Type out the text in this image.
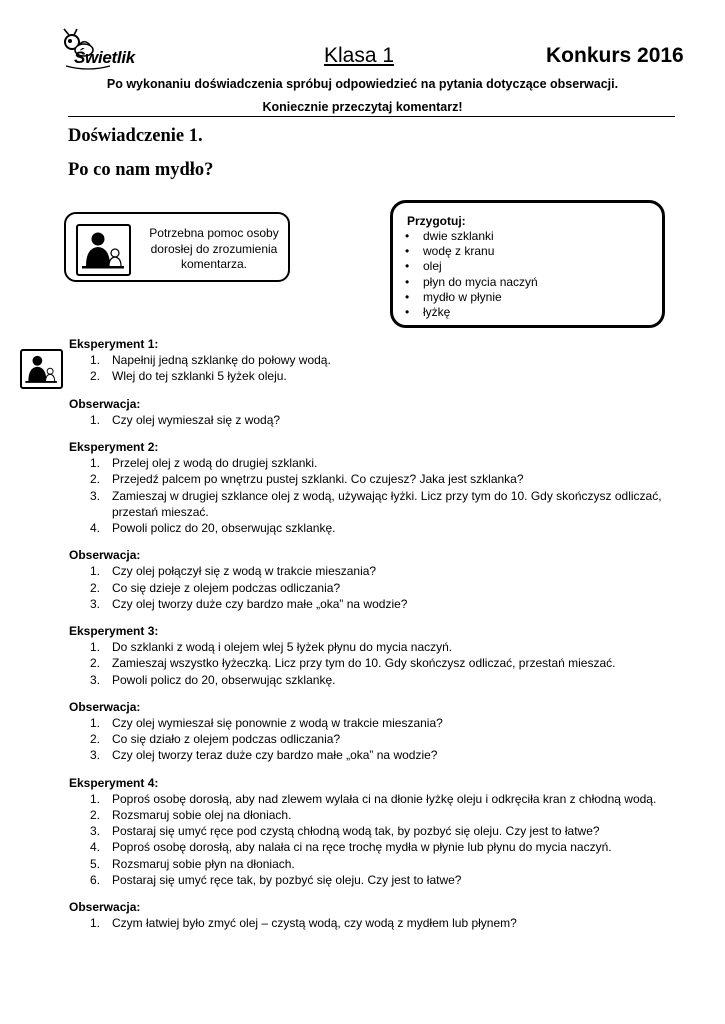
Świetlik	Klasa 1	Konkurs 2016
Po wykonaniu doświadczenia spróbuj odpowiedzieć na pytania dotyczące obserwacji.
Koniecznie przeczytaj komentarz!
Doświadczenie 1.
Po co nam mydło?
Potrzebna pomoc osoby dorosłej do zrozumienia komentarza.
Przygotuj:
• dwie szklanki
• wodę z kranu
• olej
• płyn do mycia naczyń
• mydło w płynie
• łyżkę
Eksperyment 1:
1. Napełnij jedną szklankę do połowy wodą.
2. Wlej do tej szklanki 5 łyżek oleju.
Obserwacja:
1. Czy olej wymieszał się z wodą?
Eksperyment 2:
1. Przelej olej z wodą do drugiej szklanki.
2. Przejedź palcem po wnętrzu pustej szklanki. Co czujesz? Jaka jest szklanka?
3. Zamieszaj w drugiej szklance olej z wodą, używając łyżki. Licz przy tym do 10. Gdy skończysz odliczać, przestań mieszać.
4. Powoli policz do 20, obserwując szklankę.
Obserwacja:
1. Czy olej połączył się z wodą w trakcie mieszania?
2. Co się dzieje z olejem podczas odliczania?
3. Czy olej tworzy duże czy bardzo małe „oka” na wodzie?
Eksperyment 3:
1. Do szklanki z wodą i olejem wlej 5 łyżek płynu do mycia naczyń.
2. Zamieszaj wszystko łyżeczką. Licz przy tym do 10. Gdy skończysz odliczać, przestań mieszać.
3. Powoli policz do 20, obserwując szklankę.
Obserwacja:
1. Czy olej wymieszał się ponownie z wodą w trakcie mieszania?
2. Co się działo z olejem podczas odliczania?
3. Czy olej tworzy teraz duże czy bardzo małe „oka” na wodzie?
Eksperyment 4:
1. Poproś osobę dorosłą, aby nad zlewem wylała ci na dłonie łyżkę oleju i odkręciła kran z chłodną wodą.
2. Rozsmaruj sobie olej na dłoniach.
3. Postaraj się umyć ręce pod czystą chłodną wodą tak, by pozbyć się oleju. Czy jest to łatwe?
4. Poproś osobę dorosłą, aby nalała ci na ręce trochę mydła w płynie lub płynu do mycia naczyń.
5. Rozsmaruj sobie płyn na dłoniach.
6. Postaraj się umyć ręce tak, by pozbyć się oleju. Czy jest to łatwe?
Obserwacja:
1. Czym łatwiej było zmyć olej – czystą wodą, czy wodą z mydłem lub płynem?
